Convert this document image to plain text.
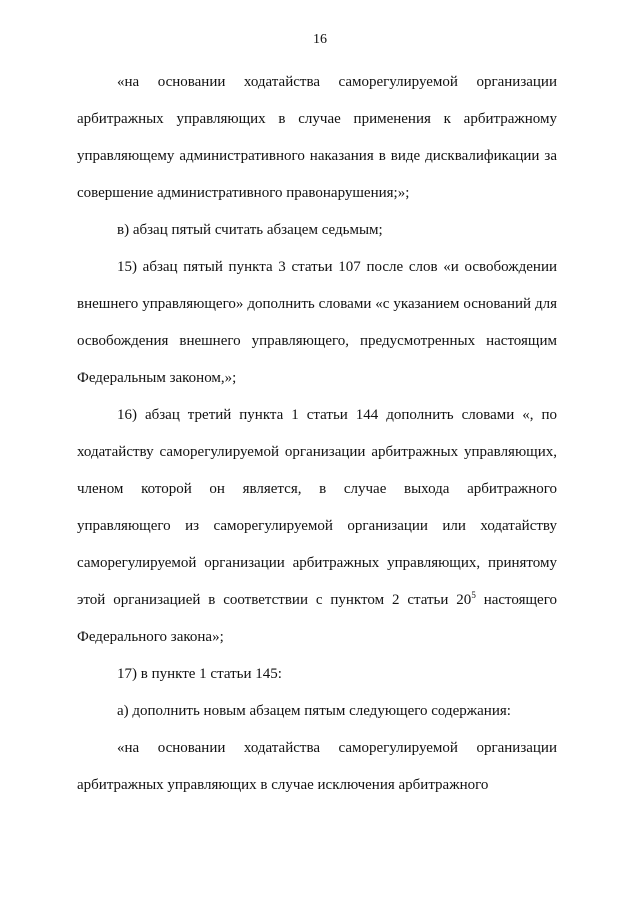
16

«на основании ходатайства саморегулируемой организации арбитражных управляющих в случае применения к арбитражному управляющему административного наказания в виде дисквалификации за совершение административного правонарушения;»;

в) абзац пятый считать абзацем седьмым;

15) абзац пятый пункта 3 статьи 107 после слов «и освобождении внешнего управляющего» дополнить словами «с указанием оснований для освобождения внешнего управляющего, предусмотренных настоящим Федеральным законом,»;

16) абзац третий пункта 1 статьи 144 дополнить словами «, по ходатайству саморегулируемой организации арбитражных управляющих, членом которой он является, в случае выхода арбитражного управляющего из саморегулируемой организации или ходатайству саморегулируемой организации арбитражных управляющих, принятому этой организацией в соответствии с пунктом 2 статьи $20^5$ настоящего Федерального закона»;

17) в пункте 1 статьи 145:

а) дополнить новым абзацем пятым следующего содержания:

«на основании ходатайства саморегулируемой организации арбитражных управляющих в случае исключения арбитражного
